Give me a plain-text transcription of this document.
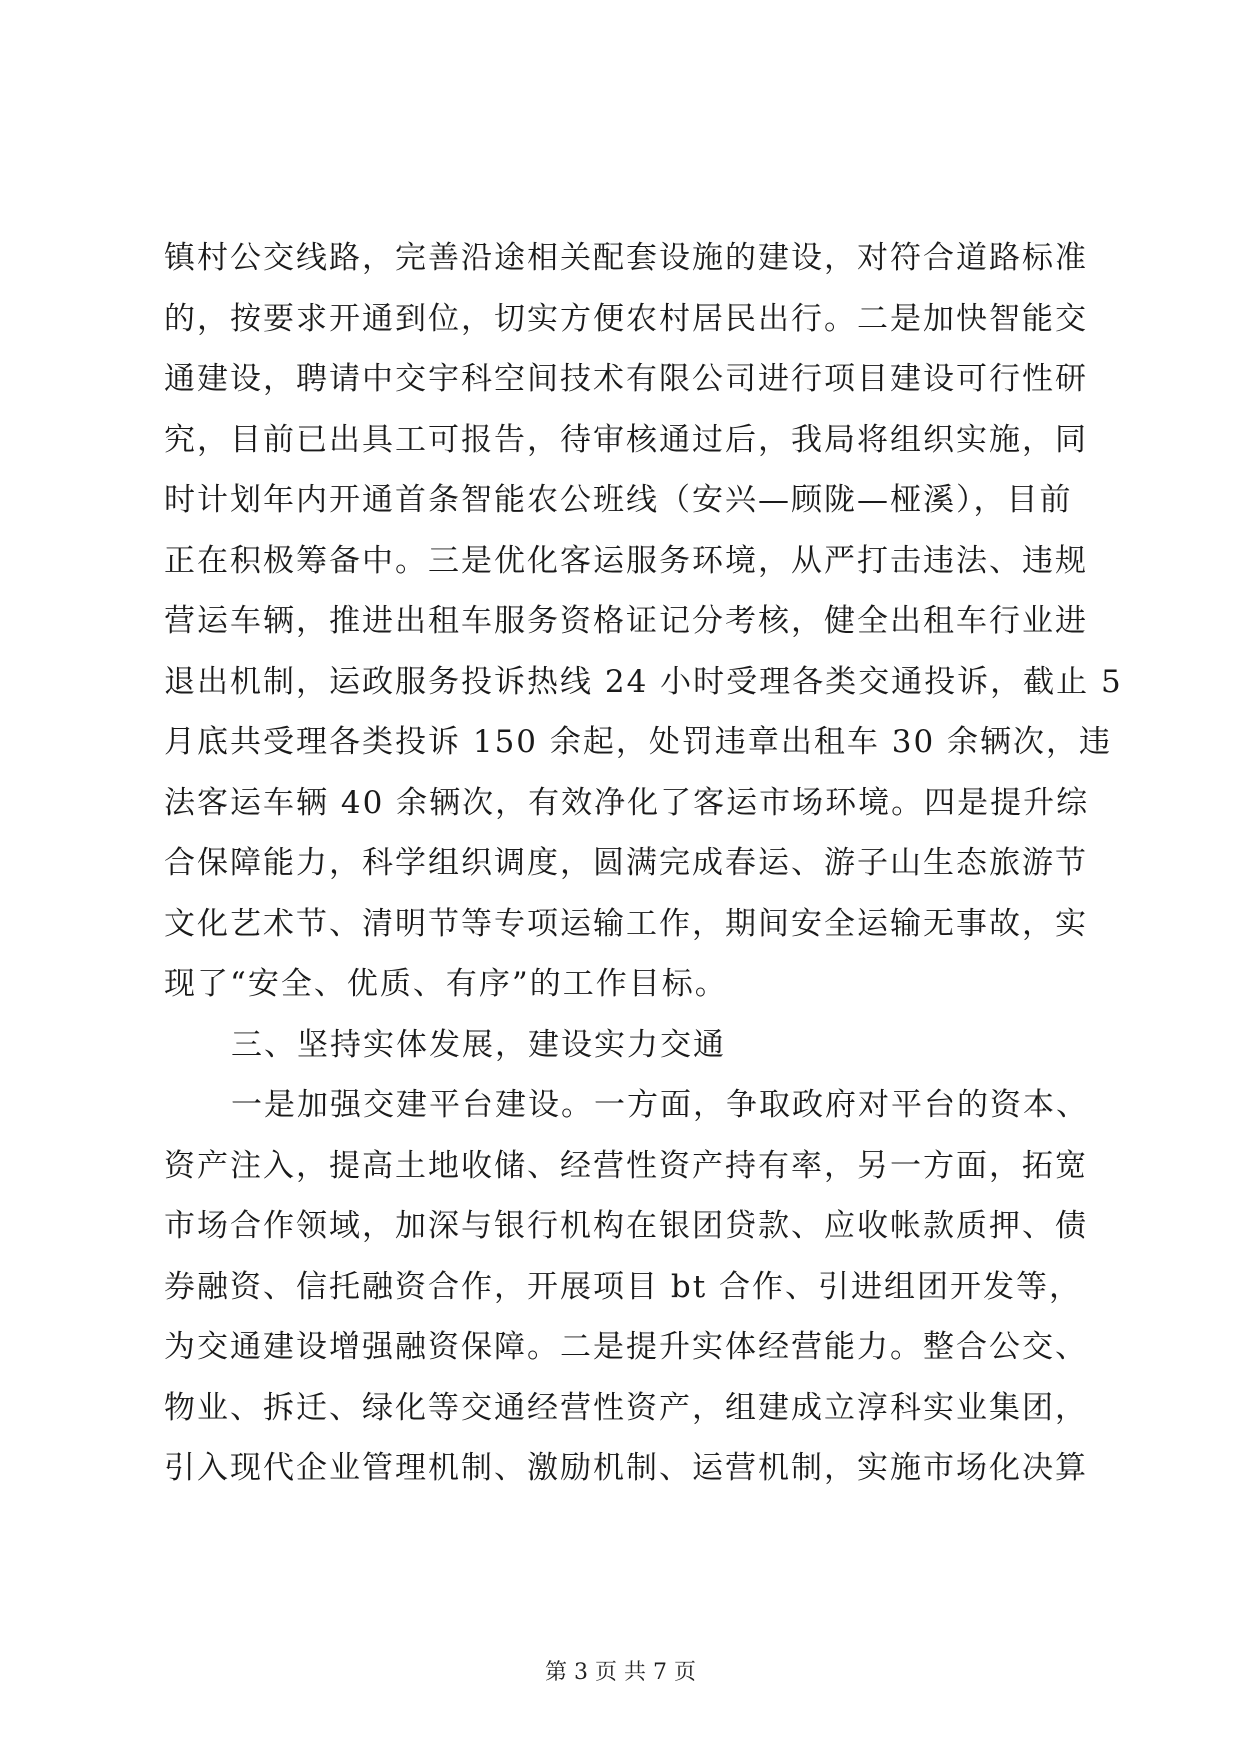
镇村公交线路，完善沿途相关配套设施的建设，对符合道路标准
的，按要求开通到位，切实方便农村居民出行。二是加快智能交
通建设，聘请中交宇科空间技术有限公司进行项目建设可行性研
究，目前已出具工可报告，待审核通过后，我局将组织实施，同
时计划年内开通首条智能农公班线（安兴—顾陇—桠溪），目前
正在积极筹备中。三是优化客运服务环境，从严打击违法、违规
营运车辆，推进出租车服务资格证记分考核，健全出租车行业进
退出机制，运政服务投诉热线 24 小时受理各类交通投诉，截止 5
月底共受理各类投诉 150 余起，处罚违章出租车 30 余辆次，违
法客运车辆 40 余辆次，有效净化了客运市场环境。四是提升综
合保障能力，科学组织调度，圆满完成春运、游子山生态旅游节
文化艺术节、清明节等专项运输工作，期间安全运输无事故，实
现了“安全、优质、有序”的工作目标。
三、坚持实体发展，建设实力交通
一是加强交建平台建设。一方面，争取政府对平台的资本、
资产注入，提高土地收储、经营性资产持有率，另一方面，拓宽
市场合作领域，加深与银行机构在银团贷款、应收帐款质押、债
券融资、信托融资合作，开展项目 bt 合作、引进组团开发等，
为交通建设增强融资保障。二是提升实体经营能力。整合公交、
物业、拆迁、绿化等交通经营性资产，组建成立淳科实业集团，
引入现代企业管理机制、激励机制、运营机制，实施市场化决算
第 3 页 共 7 页
